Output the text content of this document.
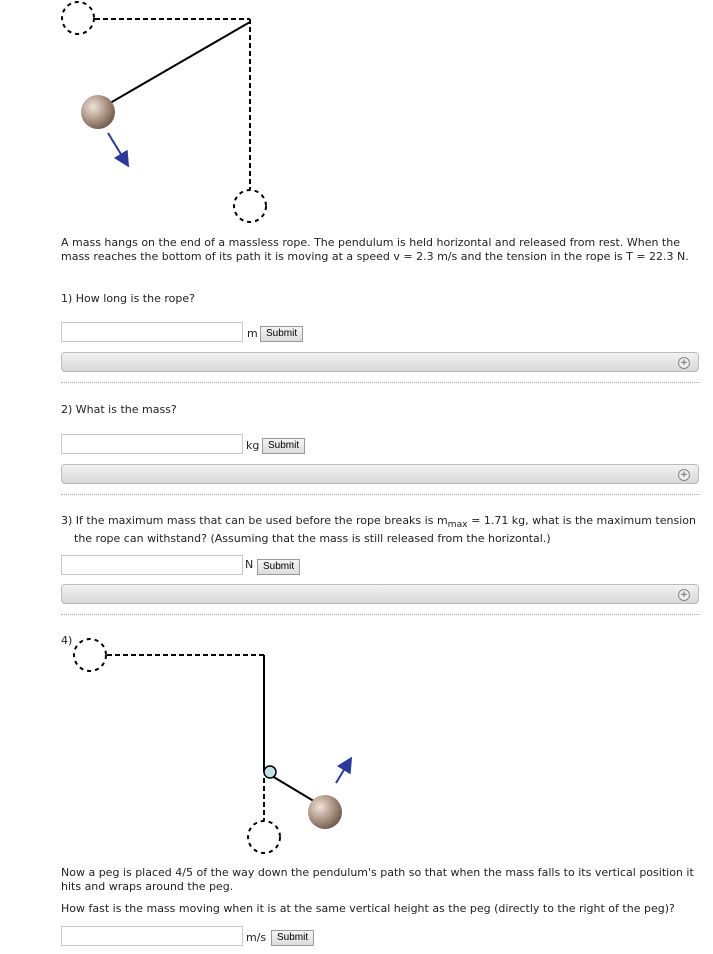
A mass hangs on the end of a massless rope. The pendulum is held horizontal and released from rest. When the mass reaches the bottom of its path it is moving at a speed v = 2.3 m/s and the tension in the rope is T = 22.3 N.
1) How long is the rope?
m Submit
+
2) What is the mass?
kg Submit
+
3) If the maximum mass that can be used before the rope breaks is $m_{max} = 1.71$ kg, what is the maximum tension the rope can withstand? (Assuming that the mass is still released from the horizontal.)
N Submit
+
4)
Now a peg is placed 4/5 of the way down the pendulum's path so that when the mass falls to its vertical position it hits and wraps around the peg.
How fast is the mass moving when it is at the same vertical height as the peg (directly to the right of the peg)?
m/s	Submit
